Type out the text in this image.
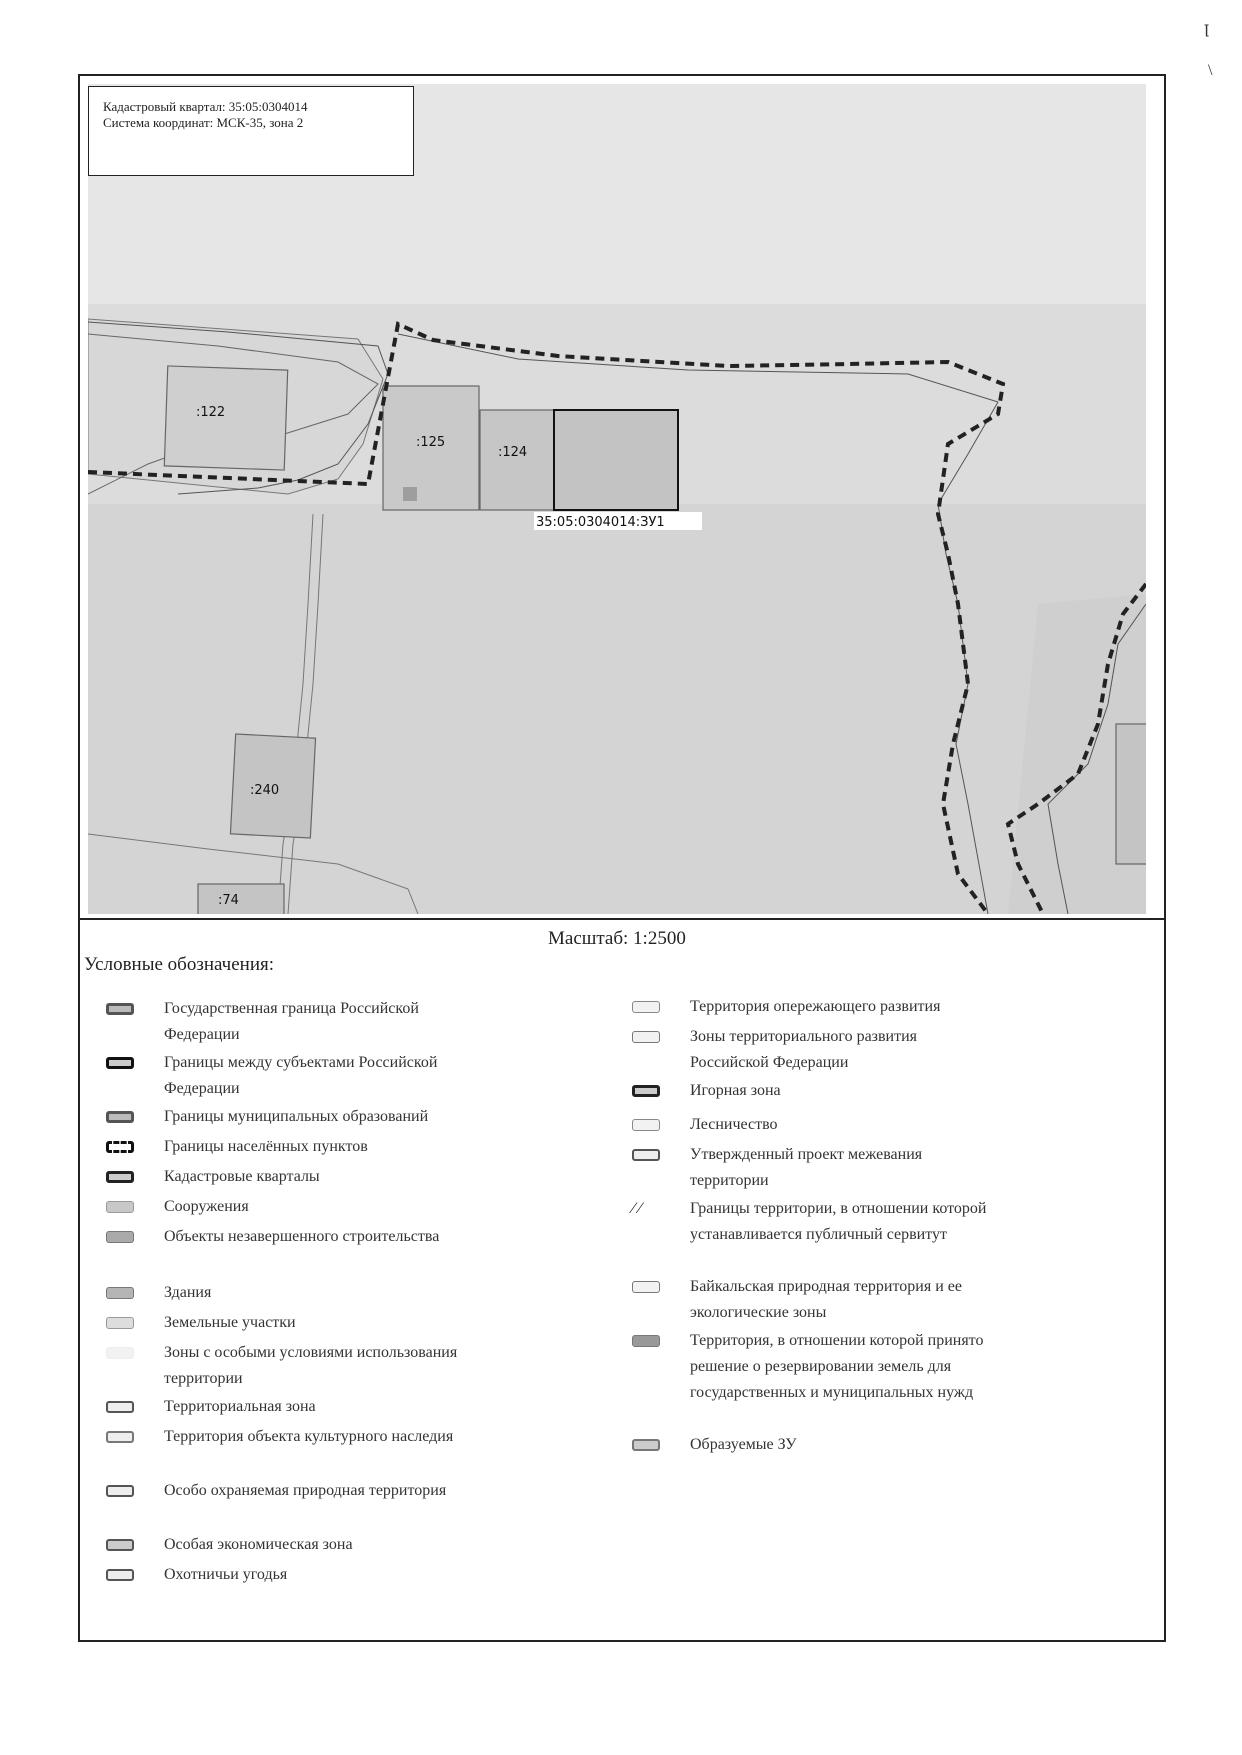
ꞁ
\
:122
:125
:124
35:05:0304014:ЗУ1
:240
:74
Кадастровый квартал: 35:05:0304014
Система координат: МСК-35, зона 2
Масштаб: 1:2500
Условные обозначения:
Государственная граница Российской Федерации
Границы между субъектами Российской Федерации
Границы муниципальных образований
Границы населённых пунктов
Кадастровые кварталы
Сооружения
Объекты незавершенного строительства
Здания
Земельные участки
Зоны с особыми условиями использования территории
Территориальная зона
Территория объекта культурного наследия
Особо охраняемая природная территория
Особая экономическая зона
Охотничьи угодья
Территория опережающего развития
Зоны территориального развития Российской Федерации
Игорная зона
Лесничество
Утвержденный проект межевания территории
⁄ ⁄	Границы территории, в отношении которой устанавливается публичный сервитут
Байкальская природная территория и ее экологические зоны
Территория, в отношении которой принято решение о резервировании земель для государственных и муниципальных нужд
Образуемые ЗУ
